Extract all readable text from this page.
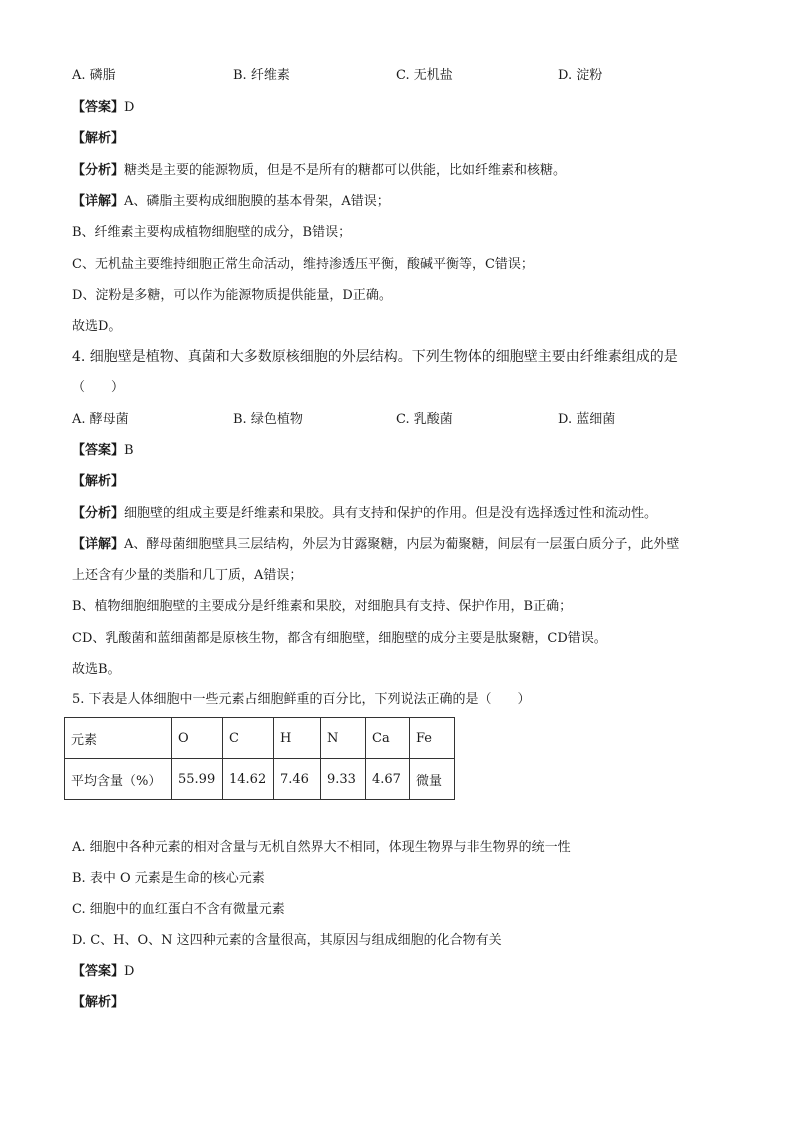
A. 磷脂	B. 纤维素	C. 无机盐	D. 淀粉
【答案】D
【解析】
【分析】糖类是主要的能源物质，但是不是所有的糖都可以供能，比如纤维素和核糖。
【详解】A、磷脂主要构成细胞膜的基本骨架，A错误；
B、纤维素主要构成植物细胞壁的成分，B错误；
C、无机盐主要维持细胞正常生命活动，维持渗透压平衡，酸碱平衡等，C错误；
D、淀粉是多糖，可以作为能源物质提供能量，D正确。
故选D。
4. 细胞壁是植物、真菌和大多数原核细胞的外层结构。下列生物体的细胞壁主要由纤维素组成的是
（　　）
A. 酵母菌	B. 绿色植物	C. 乳酸菌	D. 蓝细菌
【答案】B
【解析】
【分析】细胞壁的组成主要是纤维素和果胶。具有支持和保护的作用。但是没有选择透过性和流动性。
【详解】A、酵母菌细胞壁具三层结构，外层为甘露聚糖，内层为葡聚糖，间层有一层蛋白质分子，此外壁
上还含有少量的类脂和几丁质，A错误；
B、植物细胞细胞壁的主要成分是纤维素和果胶，对细胞具有支持、保护作用，B正确；
CD、乳酸菌和蓝细菌都是原核生物，都含有细胞壁，细胞壁的成分主要是肽聚糖，CD错误。
故选B。
5. 下表是人体细胞中一些元素占细胞鲜重的百分比，下列说法正确的是（　　）
元素	O	C	H	N	Ca	Fe
平均含量（%）	55.99	14.62	7.46	9.33	4.67	微量
A. 细胞中各种元素的相对含量与无机自然界大不相同，体现生物界与非生物界的统一性
B. 表中 O 元素是生命的核心元素
C. 细胞中的血红蛋白不含有微量元素
D. C、H、O、N 这四种元素的含量很高，其原因与组成细胞的化合物有关
【答案】D
【解析】
